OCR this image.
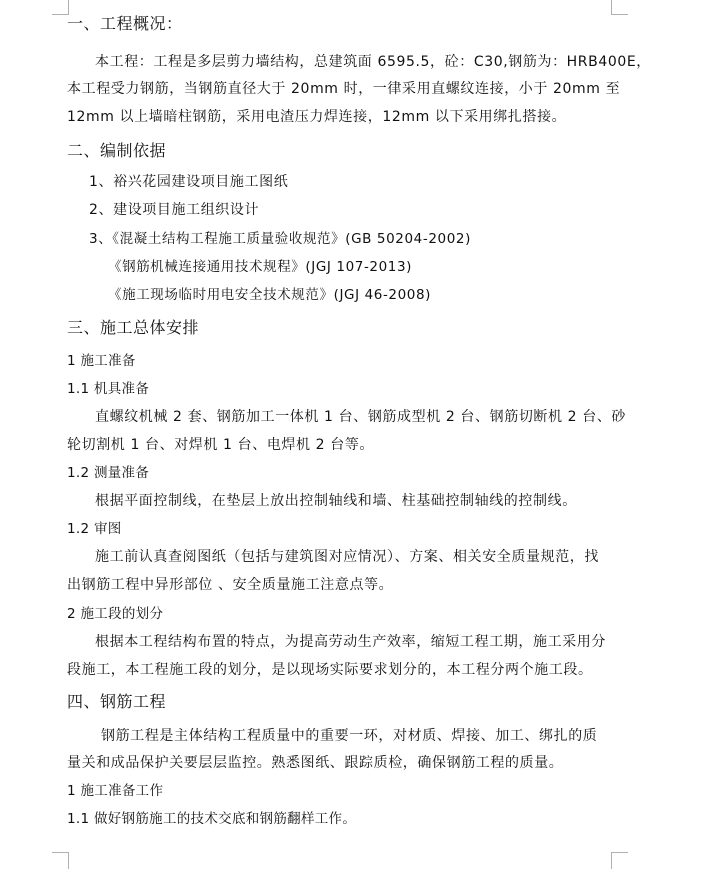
一、工程概况：
本工程：工程是多层剪力墙结构，总建筑面 6595.5，砼：C30,钢筋为：HRB400E，
本工程受力钢筋，当钢筋直径大于 20mm 时，一律采用直螺纹连接，小于 20mm 至
12mm 以上墙暗柱钢筋，采用电渣压力焊连接，12mm 以下采用绑扎搭接。
二、编制依据
1、裕兴花园建设项目施工图纸
2、建设项目施工组织设计
3、《混凝土结构工程施工质量验收规范》(GB 50204-2002)
《钢筋机械连接通用技术规程》(JGJ 107-2013)
《施工现场临时用电安全技术规范》(JGJ 46-2008)
三、施工总体安排
1 施工准备
1.1 机具准备
直螺纹机械 2 套、钢筋加工一体机 1 台、钢筋成型机 2 台、钢筋切断机 2 台、砂
轮切割机 1 台、对焊机 1 台、电焊机 2 台等。
1.2 测量准备
根据平面控制线，在垫层上放出控制轴线和墙、柱基础控制轴线的控制线。
1.2 审图
施工前认真查阅图纸（包括与建筑图对应情况）、方案、相关安全质量规范，找
出钢筋工程中异形部位 、安全质量施工注意点等。
2 施工段的划分
根据本工程结构布置的特点，为提高劳动生产效率，缩短工程工期，施工采用分
段施工，本工程施工段的划分，是以现场实际要求划分的，本工程分两个施工段。
四、钢筋工程
钢筋工程是主体结构工程质量中的重要一环，对材质、焊接、加工、绑扎的质
量关和成品保护关要层层监控。熟悉图纸、跟踪质检，确保钢筋工程的质量。
1 施工准备工作
1.1 做好钢筋施工的技术交底和钢筋翻样工作。
